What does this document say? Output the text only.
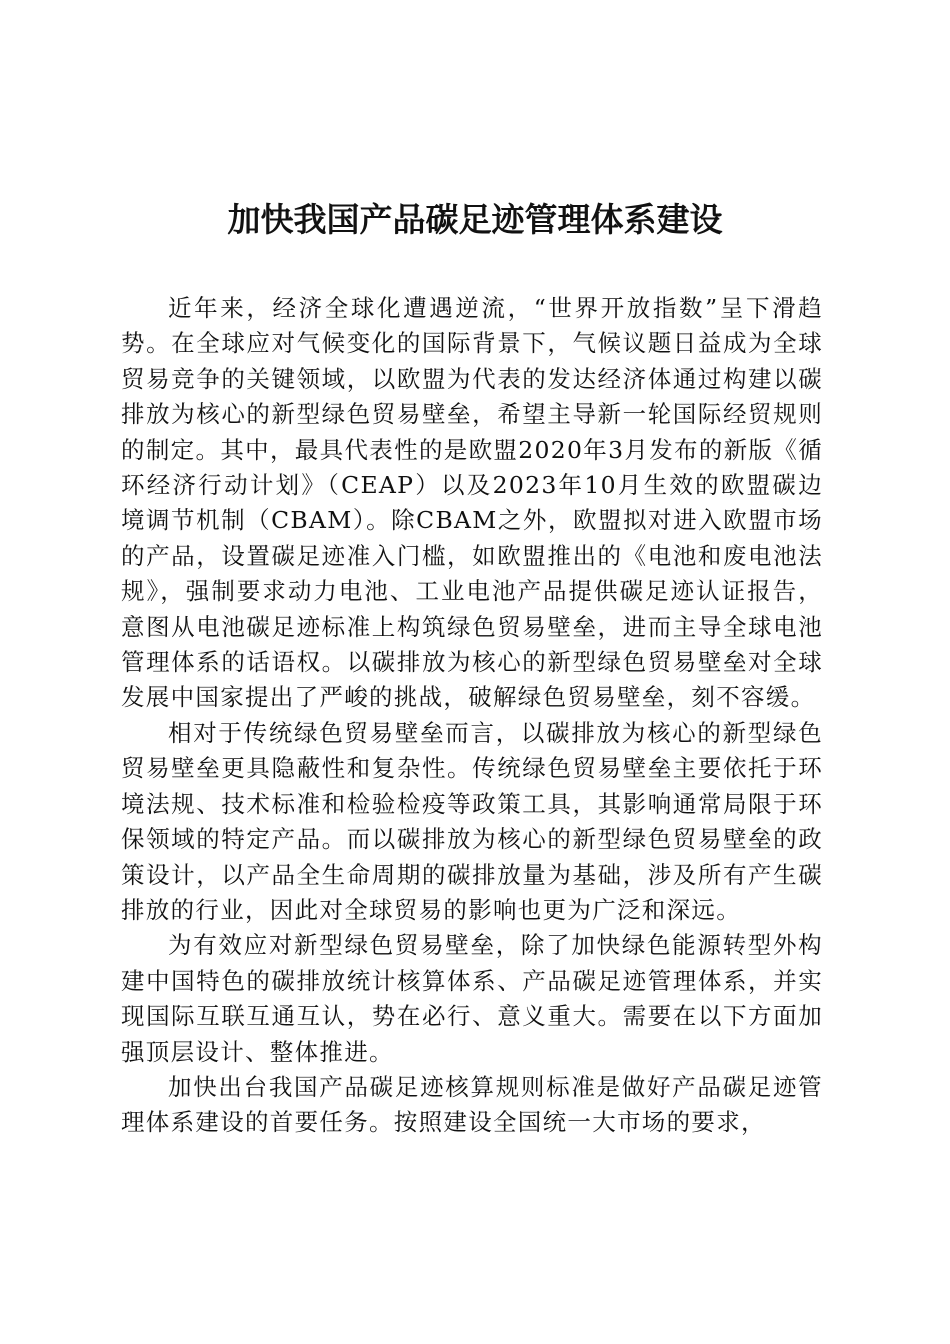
加快我国产品碳足迹管理体系建设

近年来，经济全球化遭遇逆流，“世界开放指数”呈下滑趋势。在全球应对气候变化的国际背景下，气候议题日益成为全球贸易竞争的关键领域，以欧盟为代表的发达经济体通过构建以碳排放为核心的新型绿色贸易壁垒，希望主导新一轮国际经贸规则的制定。其中，最具代表性的是欧盟2020年3月发布的新版《循环经济行动计划》（CEAP）以及2023年10月生效的欧盟碳边境调节机制（CBAM）。除CBAM之外，欧盟拟对进入欧盟市场的产品，设置碳足迹准入门槛，如欧盟推出的《电池和废电池法规》，强制要求动力电池、工业电池产品提供碳足迹认证报告，意图从电池碳足迹标准上构筑绿色贸易壁垒，进而主导全球电池管理体系的话语权。以碳排放为核心的新型绿色贸易壁垒对全球发展中国家提出了严峻的挑战，破解绿色贸易壁垒，刻不容缓。

相对于传统绿色贸易壁垒而言，以碳排放为核心的新型绿色贸易壁垒更具隐蔽性和复杂性。传统绿色贸易壁垒主要依托于环境法规、技术标准和检验检疫等政策工具，其影响通常局限于环保领域的特定产品。而以碳排放为核心的新型绿色贸易壁垒的政策设计，以产品全生命周期的碳排放量为基础，涉及所有产生碳排放的行业，因此对全球贸易的影响也更为广泛和深远。

为有效应对新型绿色贸易壁垒，除了加快绿色能源转型外构建中国特色的碳排放统计核算体系、产品碳足迹管理体系，并实现国际互联互通互认，势在必行、意义重大。需要在以下方面加强顶层设计、整体推进。

加快出台我国产品碳足迹核算规则标准是做好产品碳足迹管理体系建设的首要任务。按照建设全国统一大市场的要求，
